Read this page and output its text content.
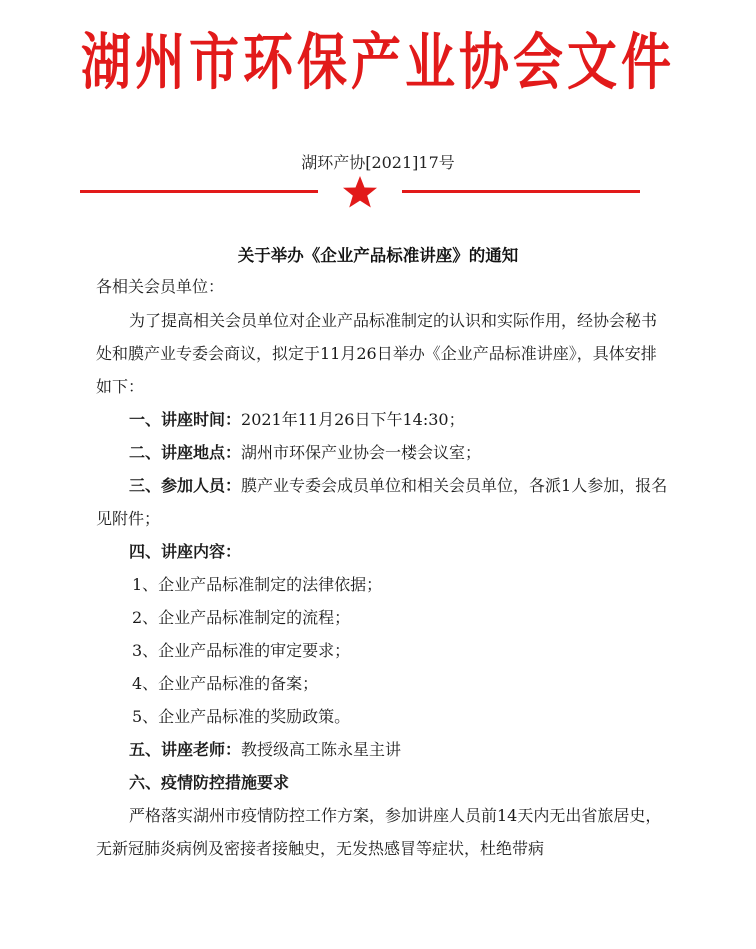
湖州市环保产业协会文件
湖环产协[2021]17号
关于举办《企业产品标准讲座》的通知
各相关会员单位：

为了提高相关会员单位对企业产品标准制定的认识和实际作用，经协会秘书处和膜产业专委会商议，拟定于11月26日举办《企业产品标准讲座》，具体安排如下：

一、讲座时间：2021年11月26日下午14:30；

二、讲座地点：湖州市环保产业协会一楼会议室；

三、参加人员：膜产业专委会成员单位和相关会员单位，各派1人参加，报名见附件；

四、讲座内容：

1、企业产品标准制定的法律依据；

2、企业产品标准制定的流程；

3、企业产品标准的审定要求；

4、企业产品标准的备案；

5、企业产品标准的奖励政策。

五、讲座老师：教授级高工陈永星主讲

六、疫情防控措施要求

严格落实湖州市疫情防控工作方案，参加讲座人员前14天内无出省旅居史，无新冠肺炎病例及密接者接触史，无发热感冒等症状，杜绝带病
